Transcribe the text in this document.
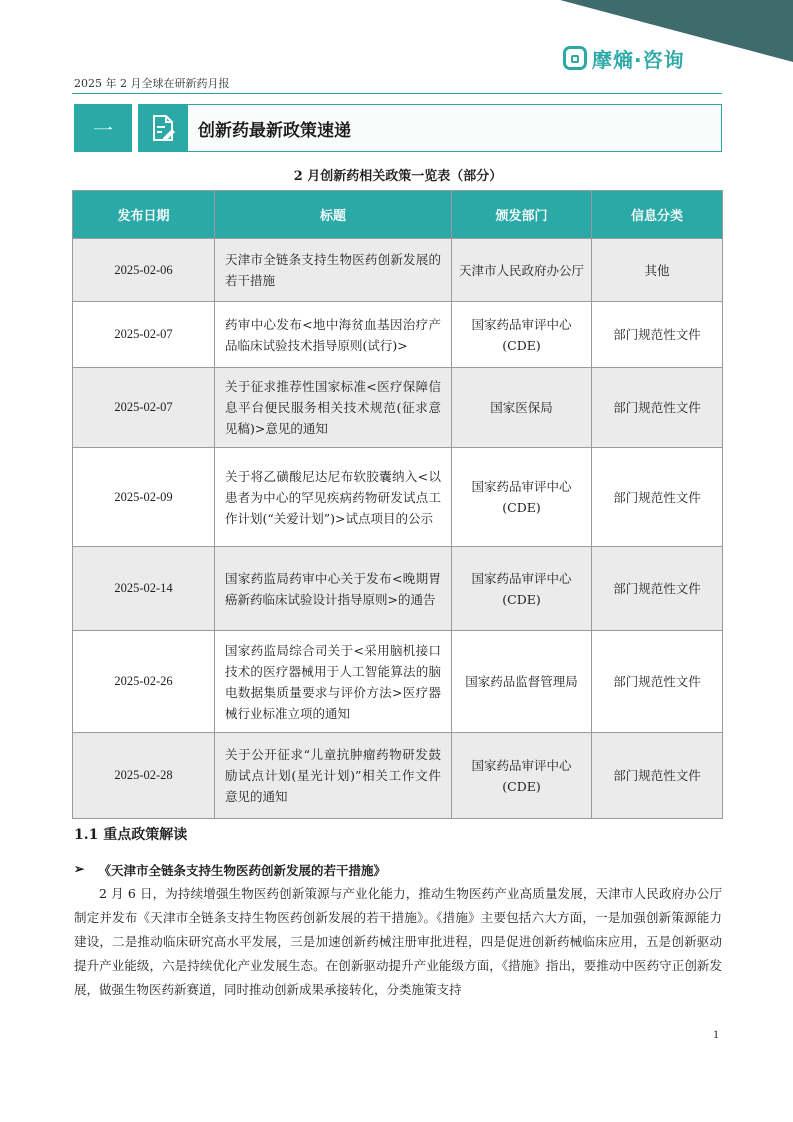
摩熵·咨询
2025 年 2 月全球在研新药月报
一	创新药最新政策速递
2 月创新药相关政策一览表（部分）
发布日期	标题	颁发部门	信息分类
2025-02-06	天津市全链条支持生物医药创新发展的若干措施	天津市人民政府办公厅	其他
2025-02-07	药审中心发布<地中海贫血基因治疗产品临床试验技术指导原则(试行)>	国家药品审评中心(CDE)	部门规范性文件
2025-02-07	关于征求推荐性国家标准<医疗保障信息平台便民服务相关技术规范(征求意见稿)>意见的通知	国家医保局	部门规范性文件
2025-02-09	关于将乙磺酸尼达尼布软胶囊纳入<以患者为中心的罕见疾病药物研发试点工作计划(“关爱计划”)>试点项目的公示	国家药品审评中心(CDE)	部门规范性文件
2025-02-14	国家药监局药审中心关于发布<晚期胃癌新药临床试验设计指导原则>的通告	国家药品审评中心(CDE)	部门规范性文件
2025-02-26	国家药监局综合司关于<采用脑机接口技术的医疗器械用于人工智能算法的脑电数据集质量要求与评价方法>医疗器械行业标准立项的通知	国家药品监督管理局	部门规范性文件
2025-02-28	关于公开征求“儿童抗肿瘤药物研发鼓励试点计划(星光计划)”相关工作文件意见的通知	国家药品审评中心(CDE)	部门规范性文件
1.1 重点政策解读
➢ 《天津市全链条支持生物医药创新发展的若干措施》
2 月 6 日，为持续增强生物医药创新策源与产业化能力，推动生物医药产业高质量发展，天津市人民政府办公厅制定并发布《天津市全链条支持生物医药创新发展的若干措施》。《措施》主要包括六大方面，一是加强创新策源能力建设，二是推动临床研究高水平发展，三是加速创新药械注册审批进程，四是促进创新药械临床应用，五是创新驱动提升产业能级，六是持续优化产业发展生态。在创新驱动提升产业能级方面，《措施》指出，要推动中医药守正创新发展，做强生物医药新赛道，同时推动创新成果承接转化，分类施策支持
1
